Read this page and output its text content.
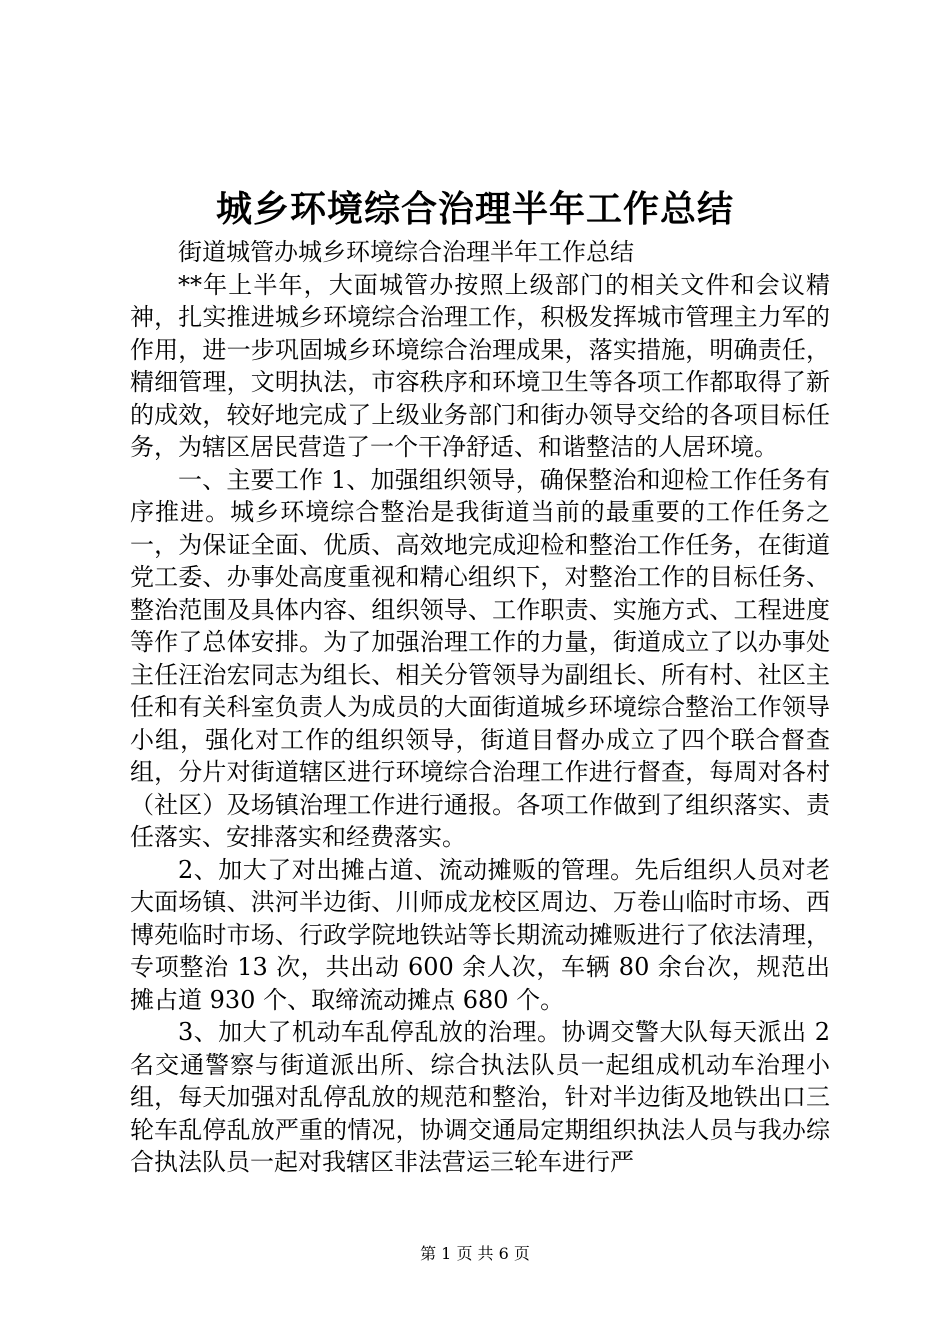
城乡环境综合治理半年工作总结

街道城管办城乡环境综合治理半年工作总结

**年上半年，大面城管办按照上级部门的相关文件和会议精神，扎实推进城乡环境综合治理工作，积极发挥城市管理主力军的作用，进一步巩固城乡环境综合治理成果，落实措施，明确责任，精细管理，文明执法，市容秩序和环境卫生等各项工作都取得了新的成效，较好地完成了上级业务部门和街办领导交给的各项目标任务，为辖区居民营造了一个干净舒适、和谐整洁的人居环境。

一、主要工作 1、加强组织领导，确保整治和迎检工作任务有序推进。城乡环境综合整治是我街道当前的最重要的工作任务之一，为保证全面、优质、高效地完成迎检和整治工作任务，在街道党工委、办事处高度重视和精心组织下，对整治工作的目标任务、整治范围及具体内容、组织领导、工作职责、实施方式、工程进度等作了总体安排。为了加强治理工作的力量，街道成立了以办事处主任汪治宏同志为组长、相关分管领导为副组长、所有村、社区主任和有关科室负责人为成员的大面街道城乡环境综合整治工作领导小组，强化对工作的组织领导，街道目督办成立了四个联合督查组，分片对街道辖区进行环境综合治理工作进行督查，每周对各村（社区）及场镇治理工作进行通报。各项工作做到了组织落实、责任落实、安排落实和经费落实。

2、加大了对出摊占道、流动摊贩的管理。先后组织人员对老大面场镇、洪河半边街、川师成龙校区周边、万卷山临时市场、西博苑临时市场、行政学院地铁站等长期流动摊贩进行了依法清理，专项整治 13 次，共出动 600 余人次，车辆 80 余台次，规范出摊占道 930 个、取缔流动摊点 680 个。

3、加大了机动车乱停乱放的治理。协调交警大队每天派出 2 名交通警察与街道派出所、综合执法队员一起组成机动车治理小组，每天加强对乱停乱放的规范和整治，针对半边街及地铁出口三轮车乱停乱放严重的情况，协调交通局定期组织执法人员与我办综合执法队员一起对我辖区非法营运三轮车进行严

第 1 页 共 6 页
